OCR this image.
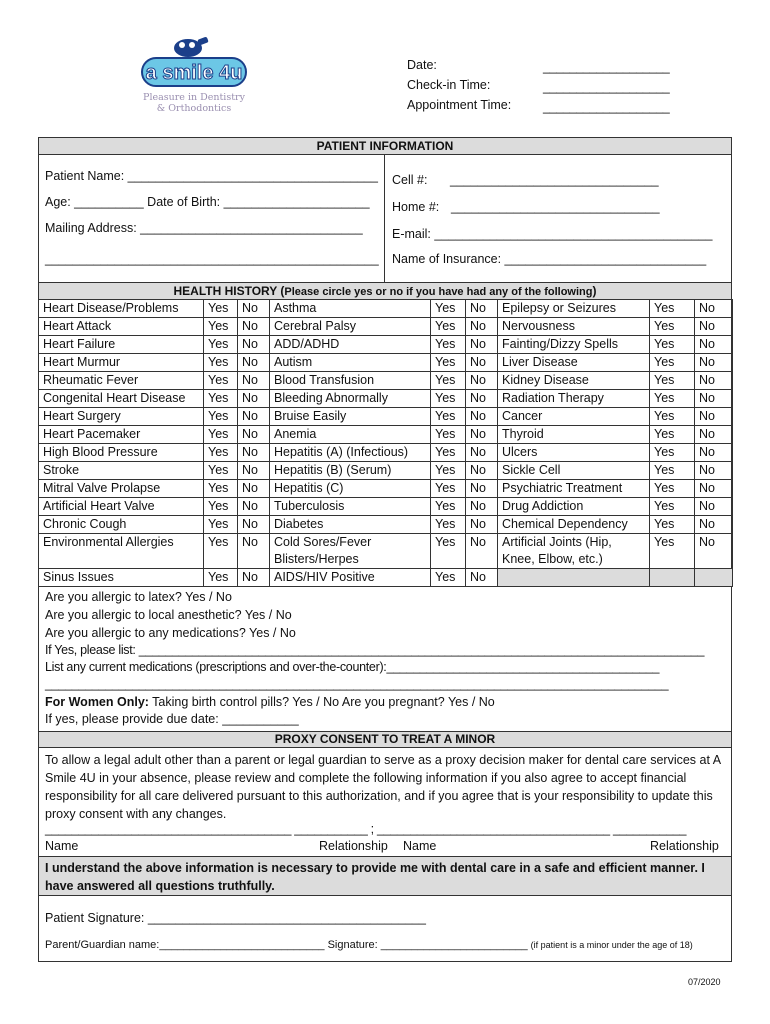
a smile 4u
Pleasure in Dentistry
& Orthodontics
Date:
Check-in Time:
Appointment Time:
___________________
___________________
___________________
PATIENT INFORMATION
Patient Name: ____________________________________
Age: __________ Date of Birth: _____________________
Mailing Address: ________________________________
________________________________________________
Cell #: ______________________________
Home #: ______________________________
E-mail: ________________________________________
Name of Insurance: _____________________________
HEALTH HISTORY (Please circle yes or no if you have had any of the following)
Heart Disease/Problems	Yes	No	Asthma	Yes	No	Epilepsy or Seizures	Yes	No
Heart Attack	Yes	No	Cerebral Palsy	Yes	No	Nervousness	Yes	No
Heart Failure	Yes	No	ADD/ADHD	Yes	No	Fainting/Dizzy Spells	Yes	No
Heart Murmur	Yes	No	Autism	Yes	No	Liver Disease	Yes	No
Rheumatic Fever	Yes	No	Blood Transfusion	Yes	No	Kidney Disease	Yes	No
Congenital Heart Disease	Yes	No	Bleeding Abnormally	Yes	No	Radiation Therapy	Yes	No
Heart Surgery	Yes	No	Bruise Easily	Yes	No	Cancer	Yes	No
Heart Pacemaker	Yes	No	Anemia	Yes	No	Thyroid	Yes	No
High Blood Pressure	Yes	No	Hepatitis (A) (Infectious)	Yes	No	Ulcers	Yes	No
Stroke	Yes	No	Hepatitis (B) (Serum)	Yes	No	Sickle Cell	Yes	No
Mitral Valve Prolapse	Yes	No	Hepatitis (C)	Yes	No	Psychiatric Treatment	Yes	No
Artificial Heart Valve	Yes	No	Tuberculosis	Yes	No	Drug Addiction	Yes	No
Chronic Cough	Yes	No	Diabetes	Yes	No	Chemical Dependency	Yes	No
Environmental Allergies	Yes	No	Cold Sores/Fever Blisters/Herpes	Yes	No	Artificial Joints (Hip, Knee, Elbow, etc.)	Yes	No
Sinus Issues	Yes	No	AIDS/HIV Positive	Yes	No			
Are you allergic to latex? Yes / No
Are you allergic to local anesthetic? Yes / No
Are you allergic to any medications? Yes / No
If Yes, please list: _____________________________________________________________________________________
List any current medications (prescriptions and over-the-counter):_________________________________________
_____________________________________________________________________________________________
For Women Only: Taking birth control pills? Yes / No Are you pregnant? Yes / No
If yes, please provide due date: ___________
PROXY CONSENT TO TREAT A MINOR
To allow a legal adult other than a parent or legal guardian to serve as a proxy decision maker for dental care services at A Smile 4U in your absence, please review and complete the following information if you also agree to accept financial responsibility for all care delivered pursuant to this authorization, and if you agree that is your responsibility to update this proxy consent with any changes.
_____________________________________ ___________ ; ___________________________________ ___________
Name	Relationship Name	Relationship
I understand the above information is necessary to provide me with dental care in a safe and efficient manner. I have answered all questions truthfully.
Patient Signature: ________________________________________
Parent/Guardian name:___________________________ Signature: ________________________ (if patient is a minor under the age of 18)
07/2020
